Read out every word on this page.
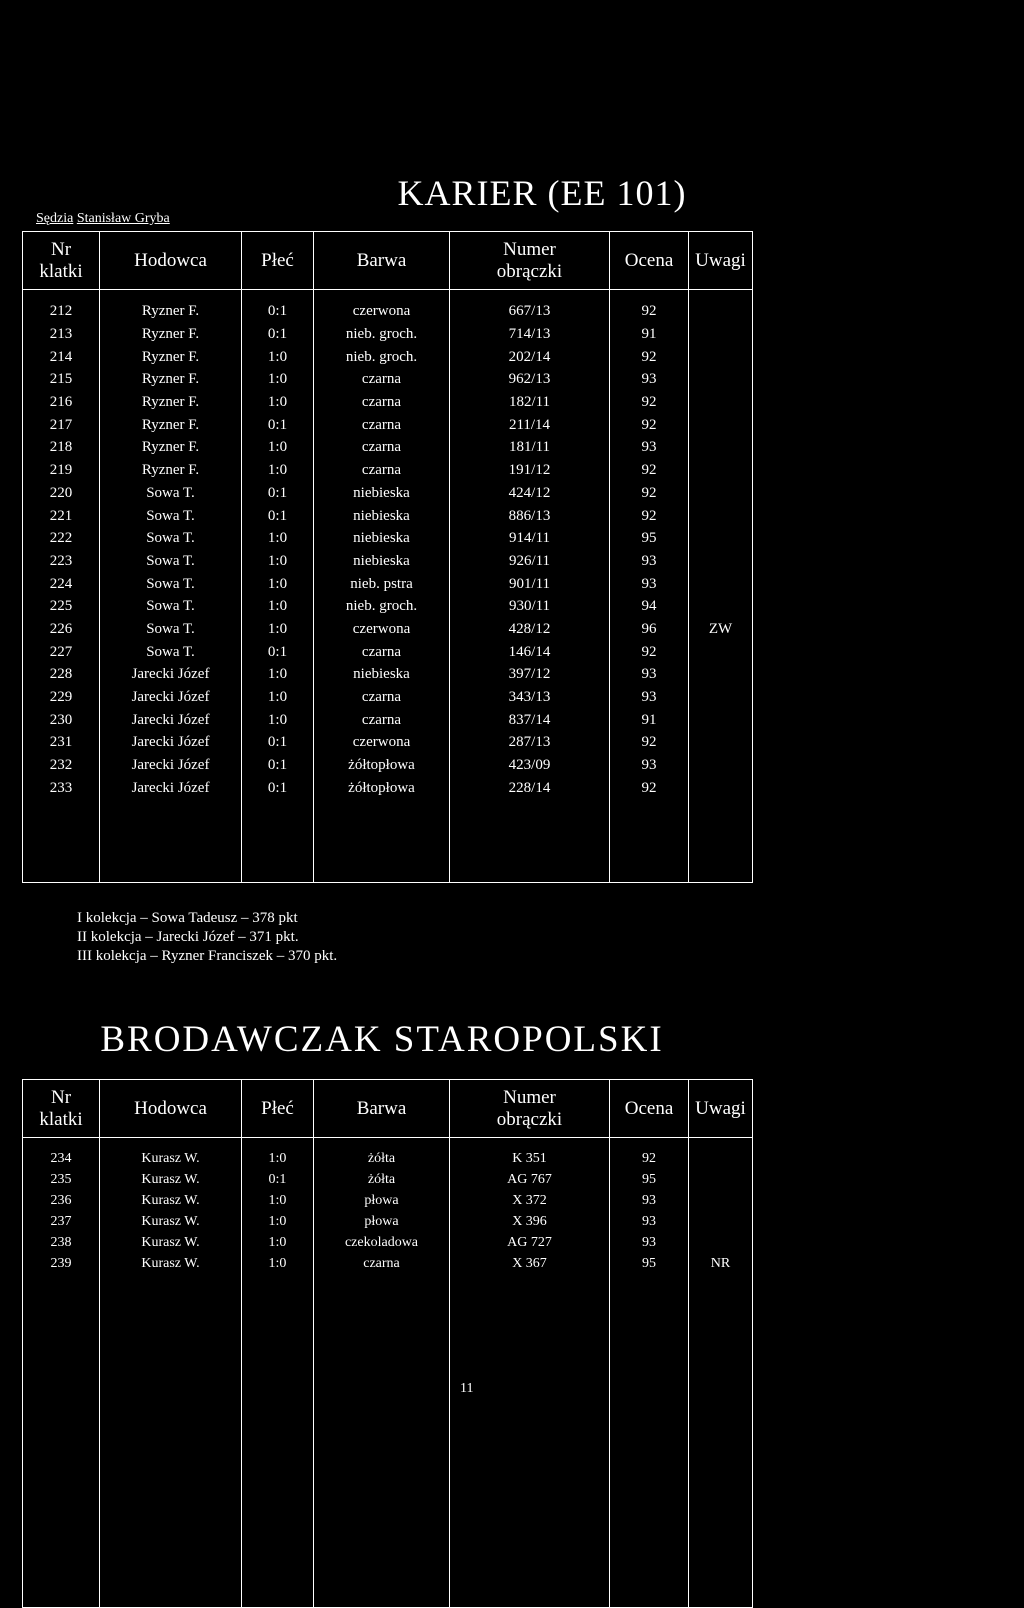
KARIER (EE 101)
Sędzia Stanisław Gryba
Nr
klatki	Hodowca	Płeć	Barwa	Numer
obrączki	Ocena	Uwagi
212	Ryzner F.	0:1	czerwona	667/13	92	
213	Ryzner F.	0:1	nieb. groch.	714/13	91	
214	Ryzner F.	1:0	nieb. groch.	202/14	92	
215	Ryzner F.	1:0	czarna	962/13	93	
216	Ryzner F.	1:0	czarna	182/11	92	
217	Ryzner F.	0:1	czarna	211/14	92	
218	Ryzner F.	1:0	czarna	181/11	93	
219	Ryzner F.	1:0	czarna	191/12	92	
220	Sowa T.	0:1	niebieska	424/12	92	
221	Sowa T.	0:1	niebieska	886/13	92	
222	Sowa T.	1:0	niebieska	914/11	95	
223	Sowa T.	1:0	niebieska	926/11	93	
224	Sowa T.	1:0	nieb. pstra	901/11	93	
225	Sowa T.	1:0	nieb. groch.	930/11	94	
226	Sowa T.	1:0	czerwona	428/12	96	ZW
227	Sowa T.	0:1	czarna	146/14	92	
228	Jarecki Józef	1:0	niebieska	397/12	93	
229	Jarecki Józef	1:0	czarna	343/13	93	
230	Jarecki Józef	1:0	czarna	837/14	91	
231	Jarecki Józef	0:1	czerwona	287/13	92	
232	Jarecki Józef	0:1	żółtopłowa	423/09	93	
233	Jarecki Józef	0:1	żółtopłowa	228/14	92	

I kolekcja – Sowa Tadeusz – 378 pkt
II kolekcja – Jarecki Józef – 371 pkt.
III kolekcja – Ryzner Franciszek – 370 pkt.
BRODAWCZAK STAROPOLSKI
Nr
klatki	Hodowca	Płeć	Barwa	Numer
obrączki	Ocena	Uwagi
234	Kurasz W.	1:0	żółta	K 351	92	
235	Kurasz W.	0:1	żółta	AG 767	95	
236	Kurasz W.	1:0	płowa	X 372	93	
237	Kurasz W.	1:0	płowa	X 396	93	
238	Kurasz W.	1:0	czekoladowa	AG 727	93	
239	Kurasz W.	1:0	czarna	X 367	95	NR

11
